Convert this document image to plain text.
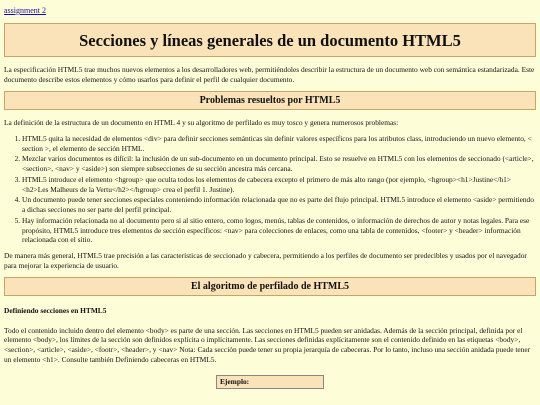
assignment 2
Secciones y líneas generales de un documento HTML5

La especificación HTML5 trae muchos nuevos elementos a los desarrolladores web, permitiéndoles describir la estructura de un documento web con semántica estandarizada. Este documento describe estos elementos y cómo usarlos para definir el perfil de cualquier documento.

Problemas resueltos por HTML5

La definición de la estructura de un documento en HTML 4 y su algoritmo de perfilado es muy tosco y genera numerosos problemas:

1. HTML5 quita la necesidad de elementos <div> para definir secciones semánticas sin definir valores específicos para los atributos class, introduciendo un nuevo elemento, < section >, el elemento de sección HTML.
2. Mezclar varios documentos es difícil: la inclusión de un sub-documento en un documento principal. Esto se resuelve en HTML5 con los elementos de seccionado (<article>, <section>, <nav> y <aside>) son siempre subsecciones de su sección ancestra más cercana.
3. HTML5 introduce el elemento <hgroup> que oculta todos los elementos de cabecera excepto el primero de más alto rango (por ejemplo, <hgroup><h1>Justine</h1><h2>Les Malheurs de la Vertu</h2></hgroup> crea el perfil 1. Justine).
4. Un documento puede tener secciones especiales conteniendo información relacionada que no es parte del flujo principal. HTML5 introduce el elemento <aside> permitiendo a dichas secciones no ser parte del perfil principal.
5. Hay información relacionada no al documento pero si al sitio entero, como logos, menús, tablas de contenidos, o información de derechos de autor y notas legales. Para ese propósito, HTML5 introduce tres elementos de sección específicos: <nav> para colecciones de enlaces, como una tabla de contenidos, <footer> y <header> información relacionada con el sitio.

De manera más general, HTML5 trae precisión a las características de seccionado y cabecera, permitiendo a los perfiles de documento ser predecibles y usados por el navegador para mejorar la experiencia de usuario.

El algoritmo de perfilado de HTML5
Definiendo secciones en HTML5

Todo el contenido incluido dentro del elemento <body> es parte de una sección. Las secciones en HTML5 pueden ser anidadas. Además de la sección principal, definida por el elemento <body>, los límites de la sección son definidos explícita o implícitamente. Las secciones definidas explícitamente son el contenido definido en las etiquetas <body>, <section>, <article>, <aside>, <footr>, <header>, y <nav> Nota: Cada sección puede tener su propia jerarquía de cabeceras. Por lo tanto, incluso una sección anidada puede tener un elemento <h1>. Consulte también Definiendo cabeceras en HTML5.

Ejemplo:
